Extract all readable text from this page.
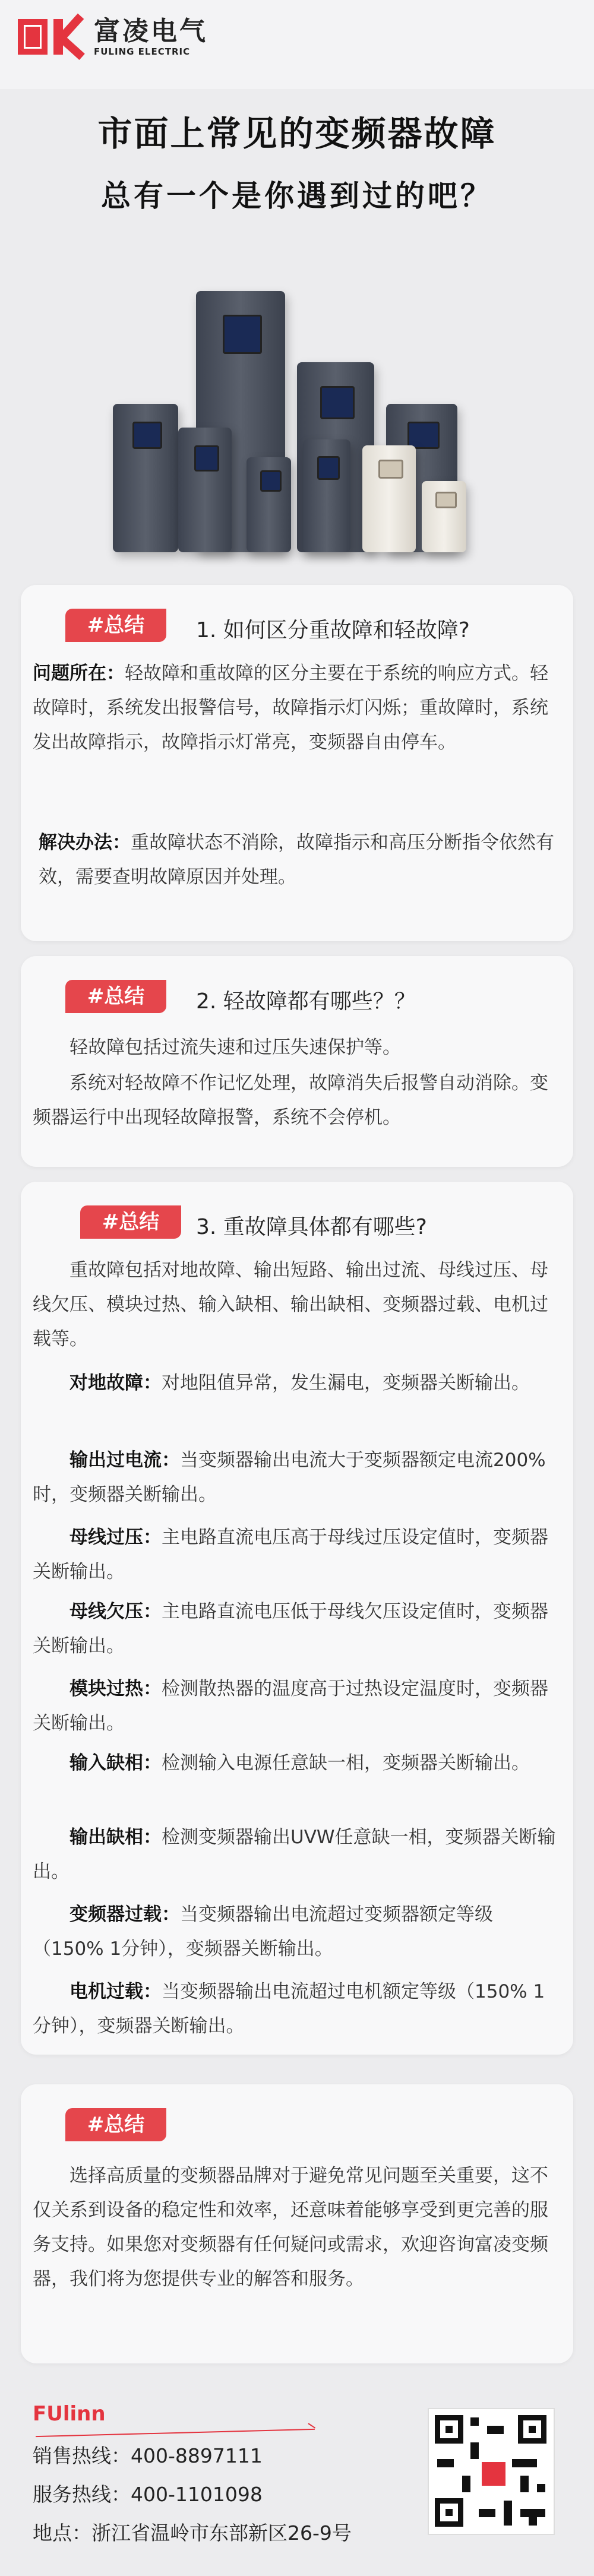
富凌电气
FULING ELECTRIC
市面上常见的变频器故障
总有一个是你遇到过的吧？
#总结	1. 如何区分重故障和轻故障?

问题所在：轻故障和重故障的区分主要在于系统的响应方式。轻故障时，系统发出报警信号，故障指示灯闪烁；重故障时，系统发出故障指示，故障指示灯常亮，变频器自由停车。

解决办法：重故障状态不消除，故障指示和高压分断指令依然有效，需要查明故障原因并处理。

#总结	2. 轻故障都有哪些？？

轻故障包括过流失速和过压失速保护等。

系统对轻故障不作记忆处理，故障消失后报警自动消除。变频器运行中出现轻故障报警，系统不会停机。

#总结	3. 重故障具体都有哪些?

重故障包括对地故障、输出短路、输出过流、母线过压、母线欠压、模块过热、输入缺相、输出缺相、变频器过载、电机过载等。

对地故障：对地阻值异常，发生漏电，变频器关断输出。

输出过电流：当变频器输出电流大于变频器额定电流200%时，变频器关断输出。

母线过压：主电路直流电压高于母线过压设定值时，变频器关断输出。

母线欠压：主电路直流电压低于母线欠压设定值时，变频器关断输出。

模块过热：检测散热器的温度高于过热设定温度时，变频器关断输出。

输入缺相：检测输入电源任意缺一相，变频器关断输出。

输出缺相：检测变频器输出UVW任意缺一相，变频器关断输出。

变频器过载：当变频器输出电流超过变频器额定等级（150% 1分钟），变频器关断输出。

电机过载：当变频器输出电流超过电机额定等级（150% 1分钟），变频器关断输出。

#总结

选择高质量的变频器品牌对于避免常见问题至关重要，这不仅关系到设备的稳定性和效率，还意味着能够享受到更完善的服务支持。如果您对变频器有任何疑问或需求，欢迎咨询富凌变频器，我们将为您提供专业的解答和服务。

FUlinn
销售热线：400-8897111
服务热线：400-1101098
地点：浙江省温岭市东部新区26-9号
